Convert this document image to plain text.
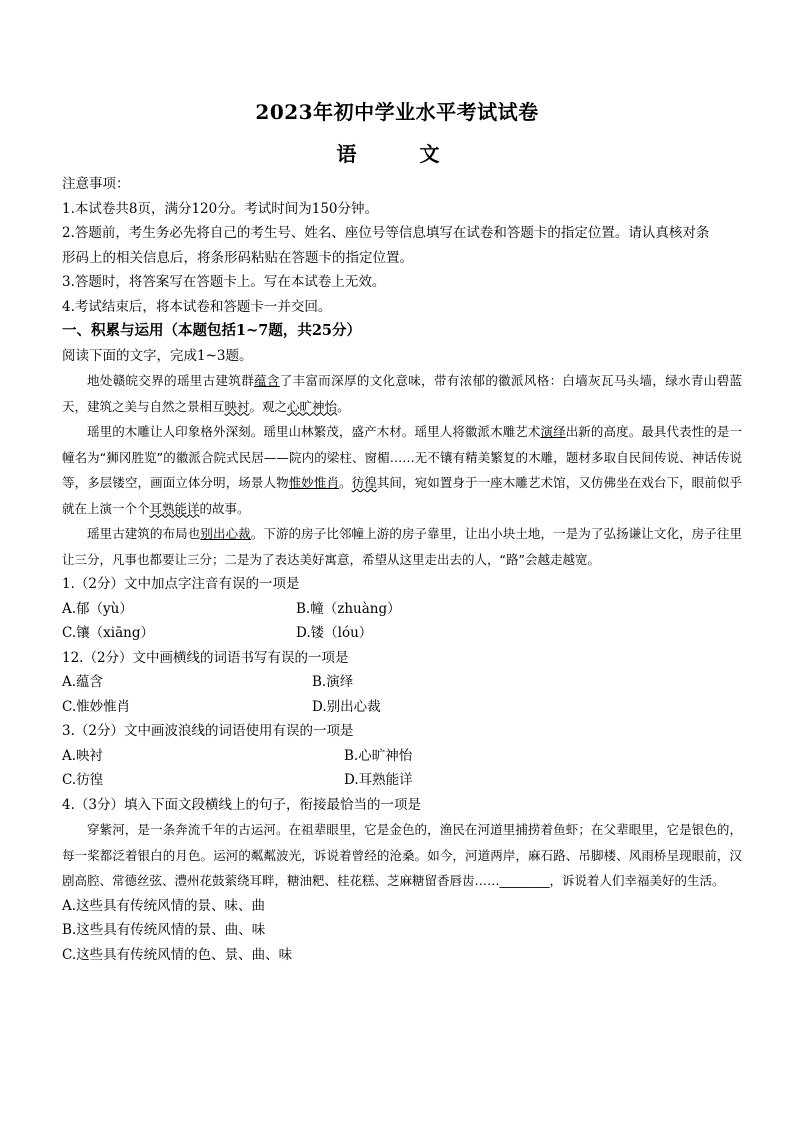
2023年初中学业水平考试试卷
语 文

注意事项：

1.本试卷共8页，满分120分。考试时间为150分钟。

2.答题前，考生务必先将自己的考生号、姓名、座位号等信息填写在试卷和答题卡的指定位置。请认真核对条

形码上的相关信息后，将条形码粘贴在答题卡的指定位置。

3.答题时，将答案写在答题卡上。写在本试卷上无效。

4.考试结束后，将本试卷和答题卡一并交回。

一、积累与运用（本题包括1~7题，共25分）

阅读下面的文字，完成1~3题。

地处赣皖交界的瑶里古建筑群蕴含了丰富而深厚的文化意味，带有浓郁的徽派风格：白墙灰瓦马头墙，绿水青山碧蓝天，建筑之美与自然之景相互映衬。观之心旷神怡。

瑶里的木雕让人印象格外深刻。瑶里山林繁茂，盛产木材。瑶里人将徽派木雕艺术演绎出新的高度。最具代表性的是一幢名为“狮冈胜览”的徽派合院式民居——院内的梁柱、窗楣……无不镶有精美繁复的木雕，题材多取自民间传说、神话传说等，多层镂空，画面立体分明，场景人物惟妙惟肖。彷徨其间，宛如置身于一座木雕艺术馆，又仿佛坐在戏台下，眼前似乎就在上演一个个耳熟能详的故事。

瑶里古建筑的布局也别出心裁。下游的房子比邻幢上游的房子靠里，让出小块土地，一是为了弘扬谦让文化，房子往里让三分，凡事也都要让三分；二是为了表达美好寓意，希望从这里走出去的人，“路”会越走越宽。

1.（2分）文中加点字注音有误的一项是

A.郁（yù）	B.幢（zhuàng）
C.镶（xiāng）	D.镂（lóu）

12.（2分）文中画横线的词语书写有误的一项是

A.蕴含	B.演绎
C.惟妙惟肖	D.别出心裁

3.（2分）文中画波浪线的词语使用有误的一项是

A.映衬	B.心旷神怡
C.彷徨	D.耳熟能详

4.（3分）填入下面文段横线上的句子，衔接最恰当的一项是

穿紫河，是一条奔流千年的古运河。在祖辈眼里，它是金色的，渔民在河道里捕捞着鱼虾；在父辈眼里，它是银色的，每一桨都泛着银白的月色。运河的粼粼波光，诉说着曾经的沧桑。如今，河道两岸，麻石路、吊脚楼、风雨桥呈现眼前，汉剧高腔、常德丝弦、澧州花鼓萦绕耳畔，糖油粑、桂花糕、芝麻糖留香唇齿……________，诉说着人们幸福美好的生活。

A.这些具有传统风情的景、味、曲

B.这些具有传统风情的景、曲、味

C.这些具有传统风情的色、景、曲、味
